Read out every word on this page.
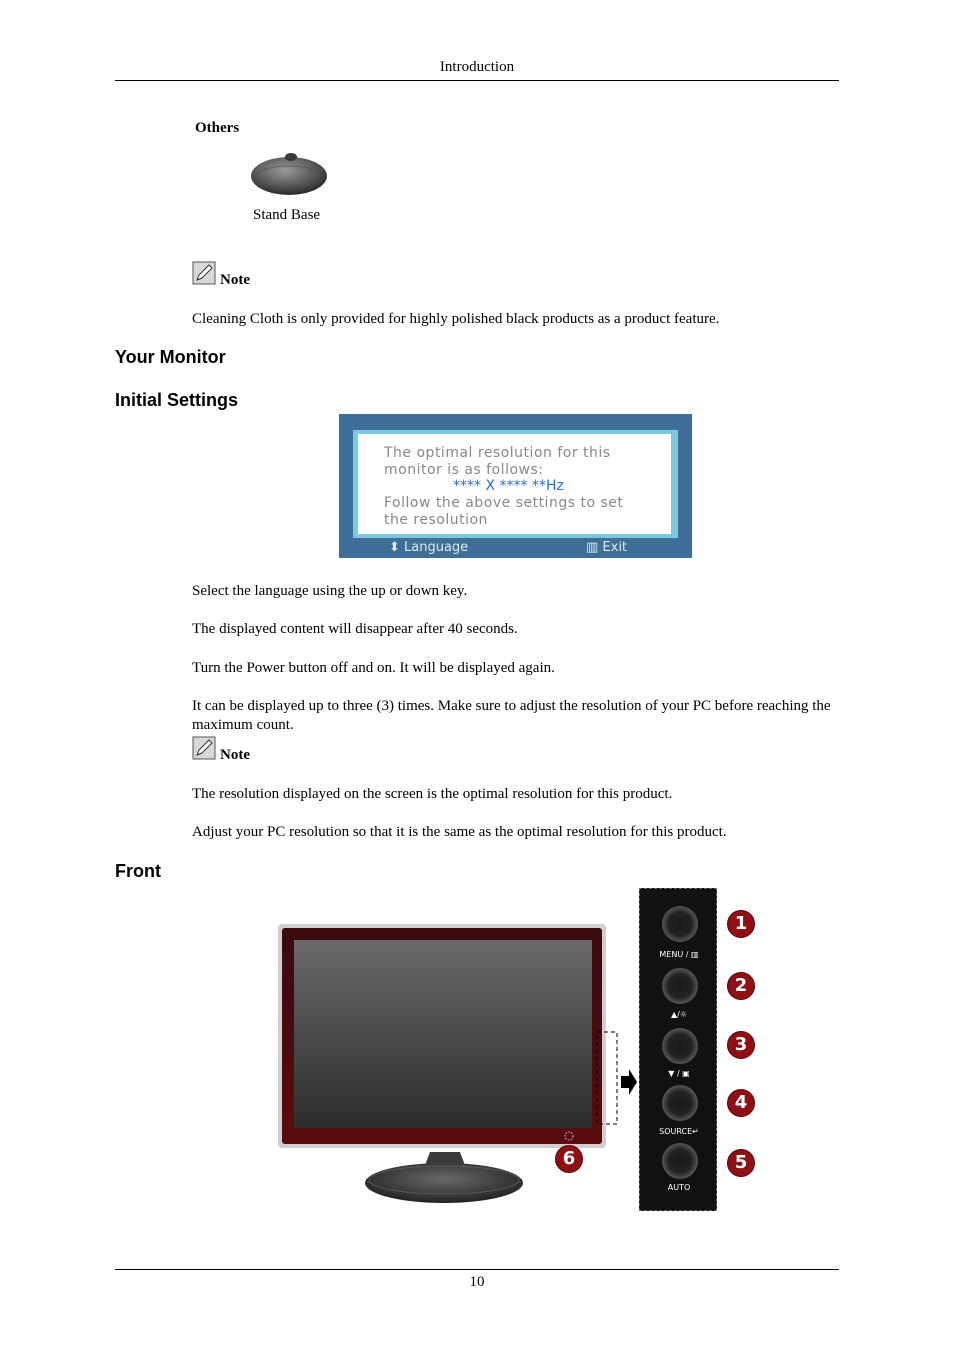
Introduction
Others
Stand Base
Note
Cleaning Cloth is only provided for highly polished black products as a product feature.
Your Monitor
Initial Settings
The optimal resolution for this
monitor is as follows:
**** X **** **Hz
Follow the above settings to set
the resolution
⬍ Language	▥ Exit
Select the language using the up or down key.
The displayed content will disappear after 40 seconds.
Turn the Power button off and on. It will be displayed again.
It can be displayed up to three (3) times. Make sure to adjust the resolution of your PC before reaching the maximum count.
Note
The resolution displayed on the screen is the optimal resolution for this product.
Adjust your PC resolution so that it is the same as the optimal resolution for this product.
Front
6
MENU / ▥
▲/☼
▼ / ▣
SOURCE↵
AUTO
1
2
3
4
5
10
